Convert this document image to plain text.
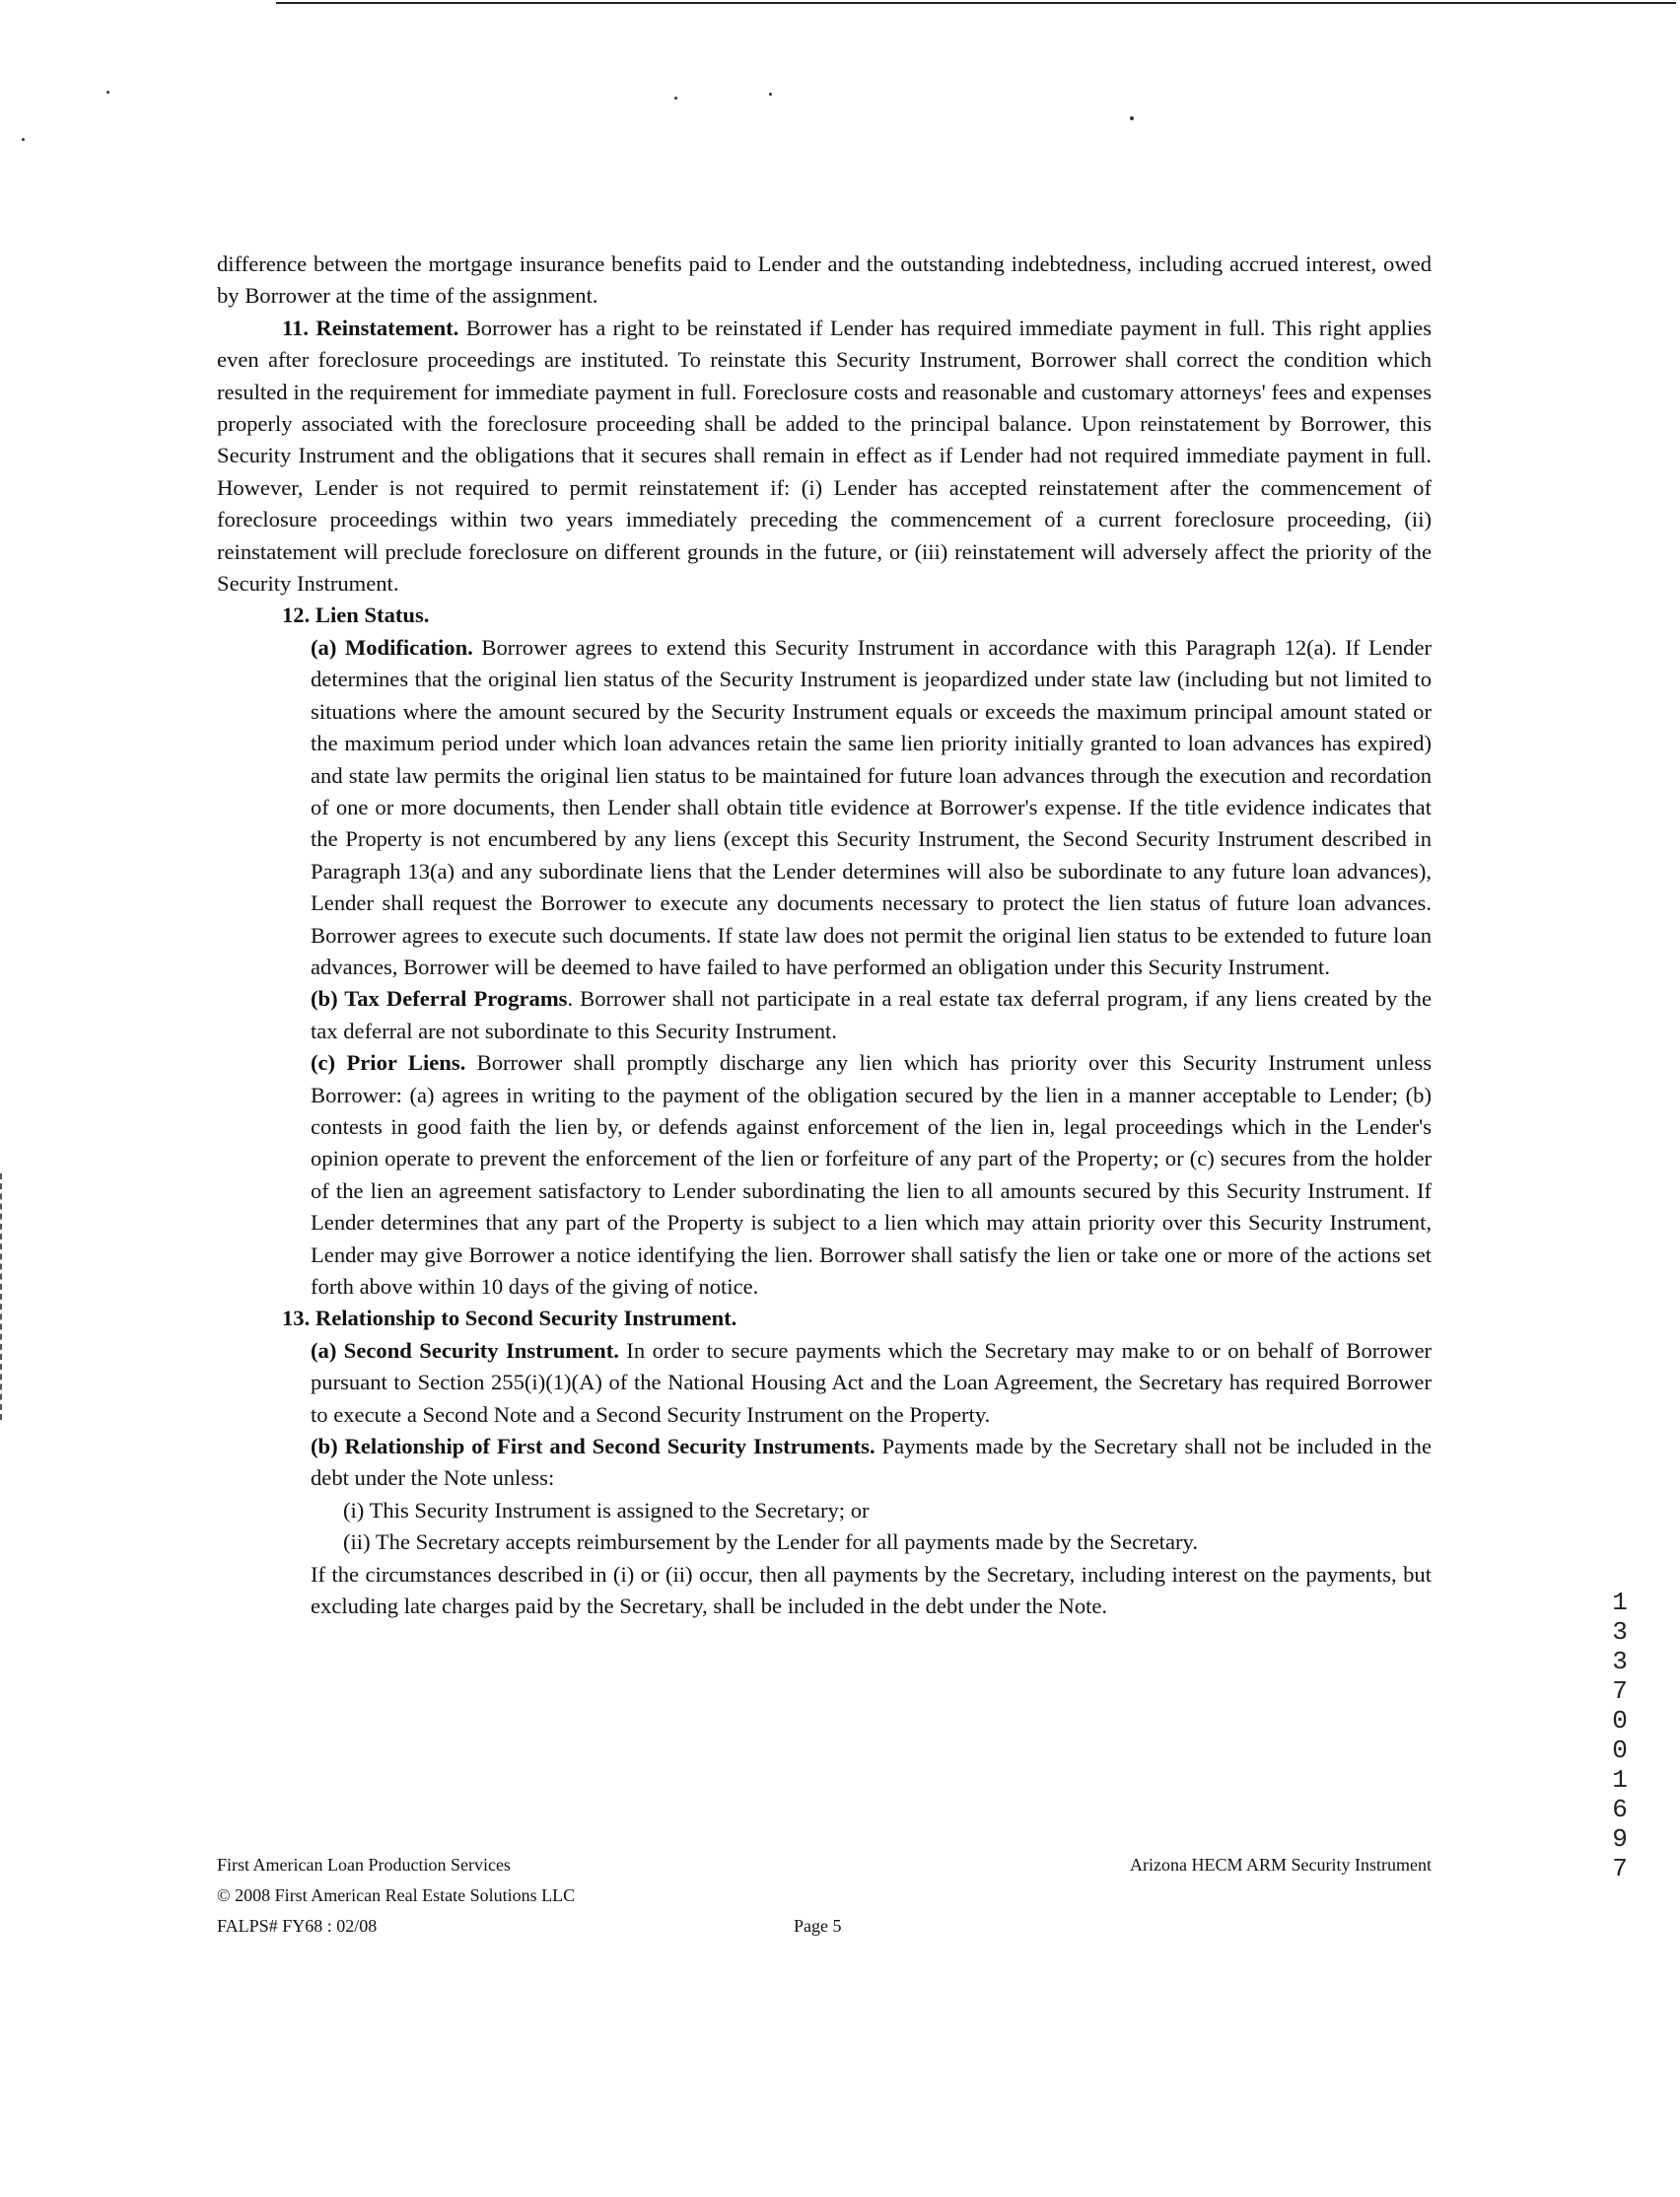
difference between the mortgage insurance benefits paid to Lender and the outstanding indebtedness, including accrued interest, owed by Borrower at the time of the assignment.

11. Reinstatement. Borrower has a right to be reinstated if Lender has required immediate payment in full. This right applies even after foreclosure proceedings are instituted. To reinstate this Security Instrument, Borrower shall correct the condition which resulted in the requirement for immediate payment in full. Foreclosure costs and reasonable and customary attorneys' fees and expenses properly associated with the foreclosure proceeding shall be added to the principal balance. Upon reinstatement by Borrower, this Security Instrument and the obligations that it secures shall remain in effect as if Lender had not required immediate payment in full. However, Lender is not required to permit reinstatement if: (i) Lender has accepted reinstatement after the commencement of foreclosure proceedings within two years immediately preceding the commencement of a current foreclosure proceeding, (ii) reinstatement will preclude foreclosure on different grounds in the future, or (iii) reinstatement will adversely affect the priority of the Security Instrument.

12. Lien Status.

(a) Modification. Borrower agrees to extend this Security Instrument in accordance with this Paragraph 12(a). If Lender determines that the original lien status of the Security Instrument is jeopardized under state law (including but not limited to situations where the amount secured by the Security Instrument equals or exceeds the maximum principal amount stated or the maximum period under which loan advances retain the same lien priority initially granted to loan advances has expired) and state law permits the original lien status to be maintained for future loan advances through the execution and recordation of one or more documents, then Lender shall obtain title evidence at Borrower's expense. If the title evidence indicates that the Property is not encumbered by any liens (except this Security Instrument, the Second Security Instrument described in Paragraph 13(a) and any subordinate liens that the Lender determines will also be subordinate to any future loan advances), Lender shall request the Borrower to execute any documents necessary to protect the lien status of future loan advances. Borrower agrees to execute such documents. If state law does not permit the original lien status to be extended to future loan advances, Borrower will be deemed to have failed to have performed an obligation under this Security Instrument.

(b) Tax Deferral Programs. Borrower shall not participate in a real estate tax deferral program, if any liens created by the tax deferral are not subordinate to this Security Instrument.

(c) Prior Liens. Borrower shall promptly discharge any lien which has priority over this Security Instrument unless Borrower: (a) agrees in writing to the payment of the obligation secured by the lien in a manner acceptable to Lender; (b) contests in good faith the lien by, or defends against enforcement of the lien in, legal proceedings which in the Lender's opinion operate to prevent the enforcement of the lien or forfeiture of any part of the Property; or (c) secures from the holder of the lien an agreement satisfactory to Lender subordinating the lien to all amounts secured by this Security Instrument. If Lender determines that any part of the Property is subject to a lien which may attain priority over this Security Instrument, Lender may give Borrower a notice identifying the lien. Borrower shall satisfy the lien or take one or more of the actions set forth above within 10 days of the giving of notice.

13. Relationship to Second Security Instrument.

(a) Second Security Instrument. In order to secure payments which the Secretary may make to or on behalf of Borrower pursuant to Section 255(i)(1)(A) of the National Housing Act and the Loan Agreement, the Secretary has required Borrower to execute a Second Note and a Second Security Instrument on the Property.

(b) Relationship of First and Second Security Instruments. Payments made by the Secretary shall not be included in the debt under the Note unless:

(i) This Security Instrument is assigned to the Secretary; or

(ii) The Secretary accepts reimbursement by the Lender for all payments made by the Secretary.

If the circumstances described in (i) or (ii) occur, then all payments by the Secretary, including interest on the payments, but excluding late charges paid by the Secretary, shall be included in the debt under the Note.

First American Loan Production Services
© 2008 First American Real Estate Solutions LLC
FALPS# FY68 : 02/08	Page 5
Arizona HECM ARM Security Instrument
1
3
3
7
0
0
1
6
9
7
